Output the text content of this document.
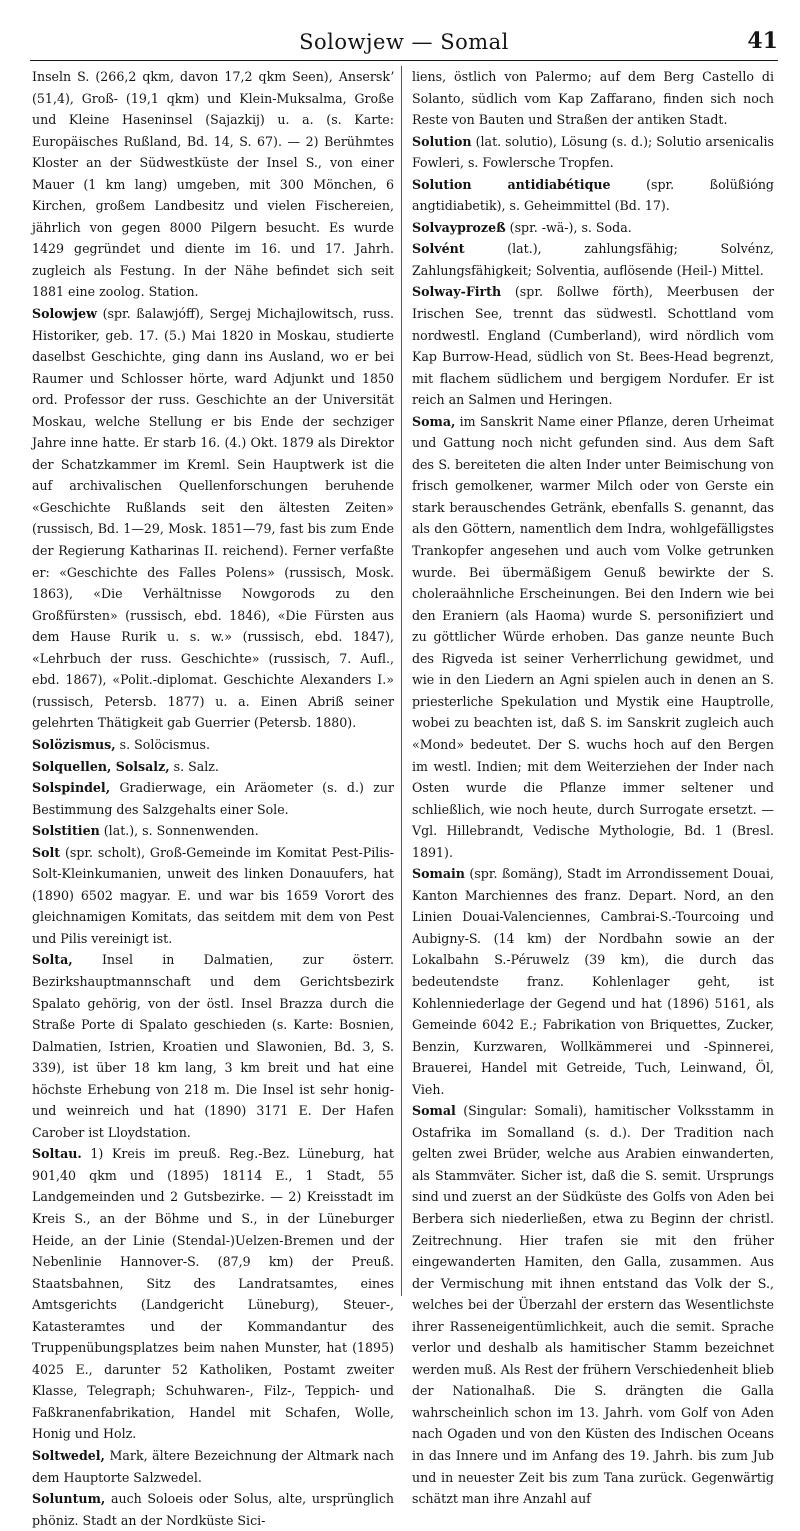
Solowjew — Somal	41

Inseln S. (266,2 qkm, davon 17,2 qkm Seen), Anserskʼ (51,4), Groß- (19,1 qkm) und Klein-Muksalma, Große und Kleine Haseninsel (Sajazkij) u. a. (s. Karte: Europäisches Rußland, Bd. 14, S. 67). — 2) Berühmtes Kloster an der Südwestküste der Insel S., von einer Mauer (1 km lang) umgeben, mit 300 Mönchen, 6 Kirchen, großem Landbesitz und vielen Fischereien, jährlich von gegen 8000 Pilgern besucht. Es wurde 1429 gegründet und diente im 16. und 17. Jahrh. zugleich als Festung. In der Nähe befindet sich seit 1881 eine zoolog. Station.

Solowjew (spr. ßalawjóff), Sergej Michajlowitsch, russ. Historiker, geb. 17. (5.) Mai 1820 in Moskau, studierte daselbst Geschichte, ging dann ins Ausland, wo er bei Raumer und Schlosser hörte, ward Adjunkt und 1850 ord. Professor der russ. Geschichte an der Universität Moskau, welche Stellung er bis Ende der sechziger Jahre inne hatte. Er starb 16. (4.) Okt. 1879 als Direktor der Schatzkammer im Kreml. Sein Hauptwerk ist die auf archivalischen Quellenforschungen beruhende «Geschichte Rußlands seit den ältesten Zeiten» (russisch, Bd. 1—29, Mosk. 1851—79, fast bis zum Ende der Regierung Katharinas II. reichend). Ferner verfaßte er: «Geschichte des Falles Polens» (russisch, Mosk. 1863), «Die Verhältnisse Nowgorods zu den Großfürsten» (russisch, ebd. 1846), «Die Fürsten aus dem Hause Rurik u. s. w.» (russisch, ebd. 1847), «Lehrbuch der russ. Geschichte» (russisch, 7. Aufl., ebd. 1867), «Polit.-diplomat. Geschichte Alexanders I.» (russisch, Petersb. 1877) u. a. Einen Abriß seiner gelehrten Thätigkeit gab Guerrier (Petersb. 1880).

Solözismus, s. Solöcismus.

Solquellen, Solsalz, s. Salz.

Solspindel, Gradierwage, ein Aräometer (s. d.) zur Bestimmung des Salzgehalts einer Sole.

Solstitien (lat.), s. Sonnenwenden.

Solt (spr. scholt), Groß-Gemeinde im Komitat Pest-Pilis-Solt-Kleinkumanien, unweit des linken Donauufers, hat (1890) 6502 magyar. E. und war bis 1659 Vorort des gleichnamigen Komitats, das seitdem mit dem von Pest und Pilis vereinigt ist.

Solta, Insel in Dalmatien, zur österr. Bezirkshauptmannschaft und dem Gerichtsbezirk Spalato gehörig, von der östl. Insel Brazza durch die Straße Porte di Spalato geschieden (s. Karte: Bosnien, Dalmatien, Istrien, Kroatien und Slawonien, Bd. 3, S. 339), ist über 18 km lang, 3 km breit und hat eine höchste Erhebung von 218 m. Die Insel ist sehr honig- und weinreich und hat (1890) 3171 E. Der Hafen Carober ist Lloydstation.

Soltau. 1) Kreis im preuß. Reg.-Bez. Lüneburg, hat 901,40 qkm und (1895) 18114 E., 1 Stadt, 55 Landgemeinden und 2 Gutsbezirke. — 2) Kreisstadt im Kreis S., an der Böhme und S., in der Lüneburger Heide, an der Linie (Stendal-)Uelzen-Bremen und der Nebenlinie Hannover-S. (87,9 km) der Preuß. Staatsbahnen, Sitz des Landratsamtes, eines Amtsgerichts (Landgericht Lüneburg), Steuer-, Katasteramtes und der Kommandantur des Truppenübungsplatzes beim nahen Munster, hat (1895) 4025 E., darunter 52 Katholiken, Postamt zweiter Klasse, Telegraph; Schuhwaren-, Filz-, Teppich- und Faßkranenfabrikation, Handel mit Schafen, Wolle, Honig und Holz.

Soltwedel, Mark, ältere Bezeichnung der Altmark nach dem Hauptorte Salzwedel.

Soluntum, auch Soloeis oder Solus, alte, ursprünglich phöniz. Stadt an der Nordküste Sici-

liens, östlich von Palermo; auf dem Berg Castello di Solanto, südlich vom Kap Zaffarano, finden sich noch Reste von Bauten und Straßen der antiken Stadt.

Solution (lat. solutio), Lösung (s. d.); Solutio arsenicalis Fowleri, s. Fowlersche Tropfen.

Solution antidiabétique (spr. ßolüßióng angtidiabetik), s. Geheimmittel (Bd. 17).

Solvayprozeß (spr. -wä-), s. Soda.

Solvént (lat.), zahlungsfähig; Solvénz, Zahlungsfähigkeit; Solventia, auflösende (Heil-) Mittel.

Solway-Firth (spr. ßollwe förth), Meerbusen der Irischen See, trennt das südwestl. Schottland vom nordwestl. England (Cumberland), wird nördlich vom Kap Burrow-Head, südlich von St. Bees-Head begrenzt, mit flachem südlichem und bergigem Nordufer. Er ist reich an Salmen und Heringen.

Soma, im Sanskrit Name einer Pflanze, deren Urheimat und Gattung noch nicht gefunden sind. Aus dem Saft des S. bereiteten die alten Inder unter Beimischung von frisch gemolkener, warmer Milch oder von Gerste ein stark berauschendes Getränk, ebenfalls S. genannt, das als den Göttern, namentlich dem Indra, wohlgefälligstes Trankopfer angesehen und auch vom Volke getrunken wurde. Bei übermäßigem Genuß bewirkte der S. choleraähnliche Erscheinungen. Bei den Indern wie bei den Eraniern (als Haoma) wurde S. personifiziert und zu göttlicher Würde erhoben. Das ganze neunte Buch des Rigveda ist seiner Verherrlichung gewidmet, und wie in den Liedern an Agni spielen auch in denen an S. priesterliche Spekulation und Mystik eine Hauptrolle, wobei zu beachten ist, daß S. im Sanskrit zugleich auch «Mond» bedeutet. Der S. wuchs hoch auf den Bergen im westl. Indien; mit dem Weiterziehen der Inder nach Osten wurde die Pflanze immer seltener und schließlich, wie noch heute, durch Surrogate ersetzt. — Vgl. Hillebrandt, Vedische Mythologie, Bd. 1 (Bresl. 1891).

Somain (spr. ßomäng), Stadt im Arrondissement Douai, Kanton Marchiennes des franz. Depart. Nord, an den Linien Douai-Valenciennes, Cambrai-S.-Tourcoing und Aubigny-S. (14 km) der Nordbahn sowie an der Lokalbahn S.-Péruwelz (39 km), die durch das bedeutendste franz. Kohlenlager geht, ist Kohlenniederlage der Gegend und hat (1896) 5161, als Gemeinde 6042 E.; Fabrikation von Briquettes, Zucker, Benzin, Kurzwaren, Wollkämmerei und -Spinnerei, Brauerei, Handel mit Getreide, Tuch, Leinwand, Öl, Vieh.

Somal (Singular: Somali), hamitischer Volksstamm in Ostafrika im Somalland (s. d.). Der Tradition nach gelten zwei Brüder, welche aus Arabien einwanderten, als Stammväter. Sicher ist, daß die S. semit. Ursprungs sind und zuerst an der Südküste des Golfs von Aden bei Berbera sich niederließen, etwa zu Beginn der christl. Zeitrechnung. Hier trafen sie mit den früher eingewanderten Hamiten, den Galla, zusammen. Aus der Vermischung mit ihnen entstand das Volk der S., welches bei der Überzahl der erstern das Wesentlichste ihrer Rasseneigentümlichkeit, auch die semit. Sprache verlor und deshalb als hamitischer Stamm bezeichnet werden muß. Als Rest der frühern Verschiedenheit blieb der Nationalhaß. Die S. drängten die Galla wahrscheinlich schon im 13. Jahrh. vom Golf von Aden nach Ogaden und von den Küsten des Indischen Oceans in das Innere und im Anfang des 19. Jahrh. bis zum Jub und in neuester Zeit bis zum Tana zurück. Gegenwärtig schätzt man ihre Anzahl auf
